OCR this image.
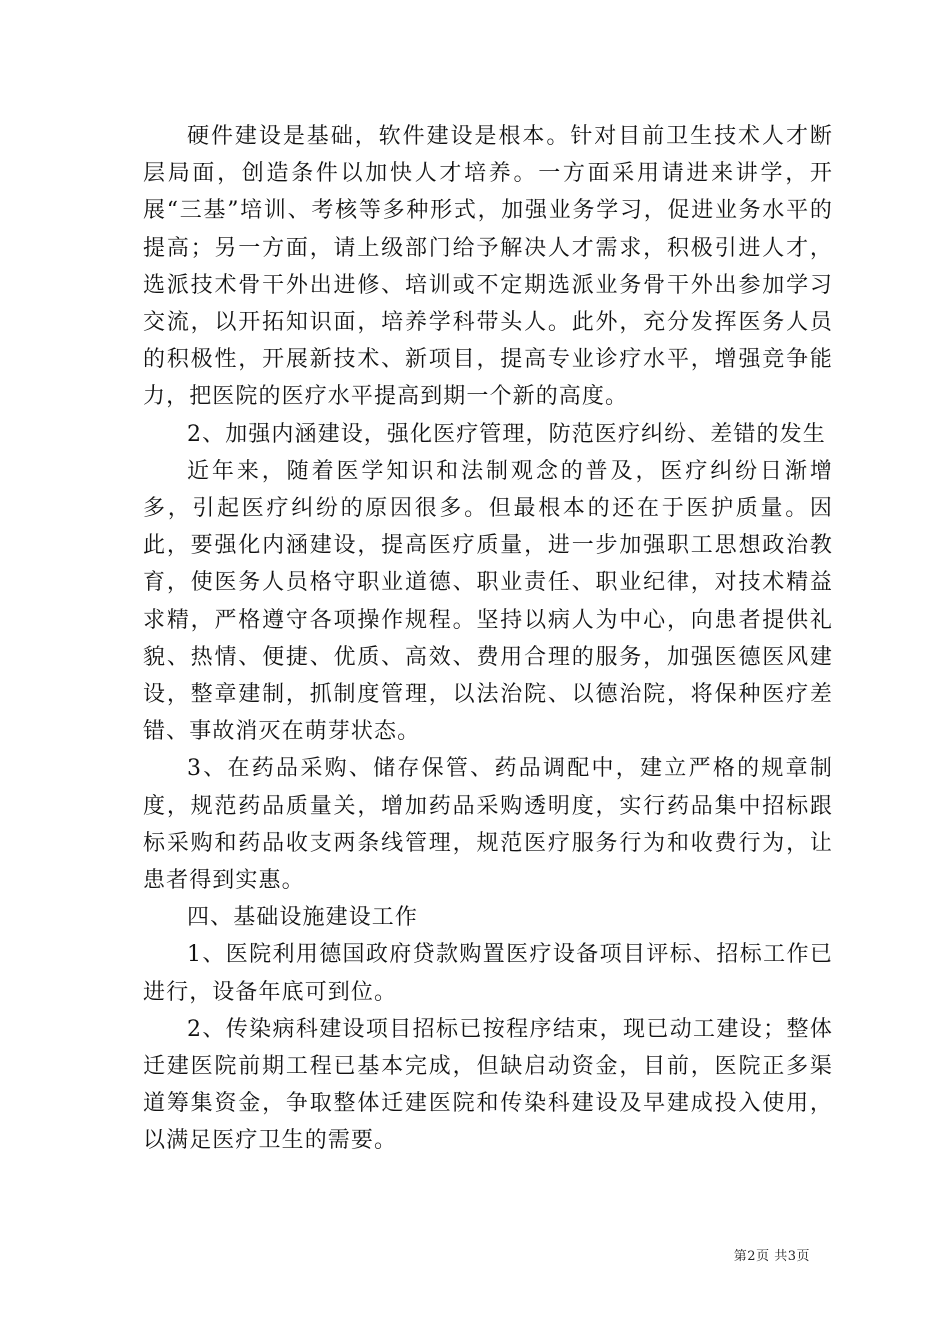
硬件建设是基础，软件建设是根本。针对目前卫生技术人才断层局面，创造条件以加快人才培养。一方面采用请进来讲学，开展“三基”培训、考核等多种形式，加强业务学习，促进业务水平的提高；另一方面，请上级部门给予解决人才需求，积极引进人才，选派技术骨干外出进修、培训或不定期选派业务骨干外出参加学习交流，以开拓知识面，培养学科带头人。此外，充分发挥医务人员的积极性，开展新技术、新项目，提高专业诊疗水平，增强竞争能力，把医院的医疗水平提高到期一个新的高度。

2、加强内涵建设，强化医疗管理，防范医疗纠纷、差错的发生

近年来，随着医学知识和法制观念的普及，医疗纠纷日渐增多，引起医疗纠纷的原因很多。但最根本的还在于医护质量。因此，要强化内涵建设，提高医疗质量，进一步加强职工思想政治教育，使医务人员格守职业道德、职业责任、职业纪律，对技术精益求精，严格遵守各项操作规程。坚持以病人为中心，向患者提供礼貌、热情、便捷、优质、高效、费用合理的服务，加强医德医风建设，整章建制，抓制度管理，以法治院、以德治院，将保种医疗差错、事故消灭在萌芽状态。

3、在药品采购、储存保管、药品调配中，建立严格的规章制度，规范药品质量关，增加药品采购透明度，实行药品集中招标跟标采购和药品收支两条线管理，规范医疗服务行为和收费行为，让患者得到实惠。

四、基础设施建设工作

1、医院利用德国政府贷款购置医疗设备项目评标、招标工作已进行，设备年底可到位。

2、传染病科建设项目招标已按程序结束，现已动工建设；整体迁建医院前期工程已基本完成，但缺启动资金，目前，医院正多渠道筹集资金，争取整体迁建医院和传染科建设及早建成投入使用，以满足医疗卫生的需要。

第2页 共3页
